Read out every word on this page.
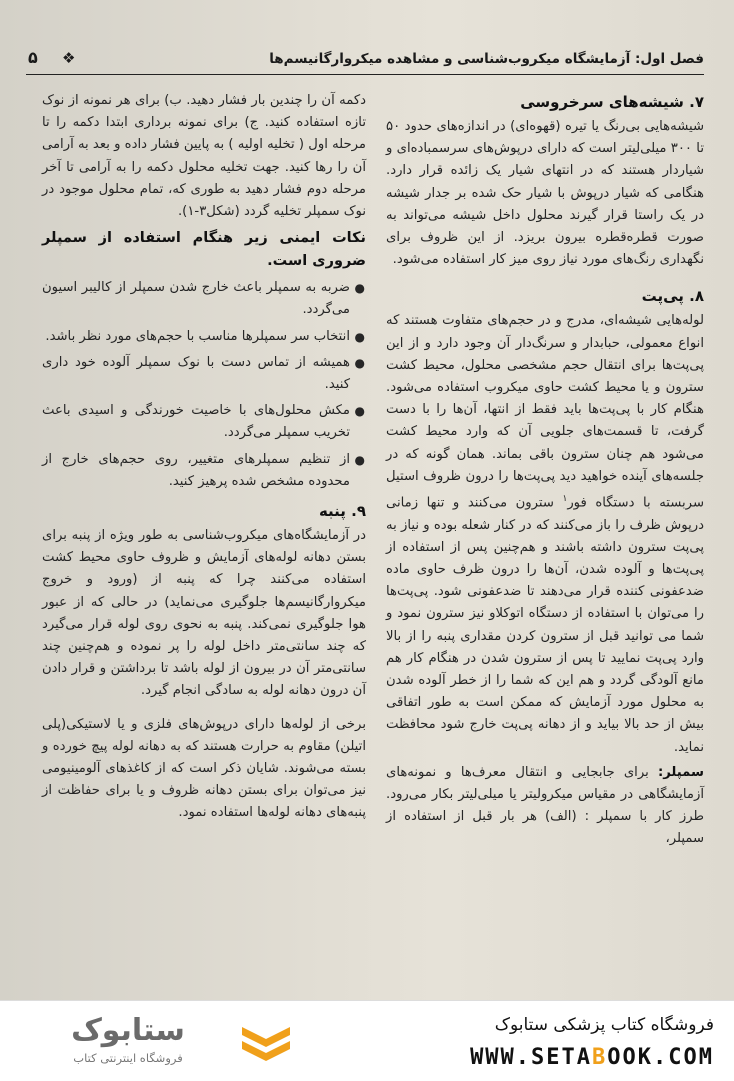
فصل اول: آزمایشگاه میکروب‌شناسی و مشاهده میکروارگانیسم‌ها
❖
۵
۷. شیشه‌های سرخروسی

شیشه‌هایی بی‌رنگ یا تیره (قهوه‌ای) در اندازه‌های حدود ۵۰ تا ۳۰۰ میلی‌لیتر است که دارای درپوش‌های سرسمباده‌ای و شیاردار هستند که در انتهای شیار یک زائده قرار دارد. هنگامی که شیار درپوش با شیار حک شده بر جدار شیشه در یک راستا قرار گیرند محلول داخل شیشه می‌تواند به صورت قطره‌قطره بیرون بریزد. از این ظروف برای نگهداری رنگ‌های مورد نیاز روی میز کار استفاده می‌شود.

۸. پی‌پت

لوله‌هایی شیشه‌ای، مدرج و در حجم‌های متفاوت هستند که انواع معمولی، حبابدار و سرنگ‌دار آن وجود دارد و از این پی‌پت‌ها برای انتقال حجم مشخصی محلول، محیط کشت سترون و یا محیط کشت حاوی میکروب استفاده می‌شود. هنگام کار با پی‌پت‌ها باید فقط از انتها، آن‌ها را با دست گرفت، تا قسمت‌های جلویی آن که وارد محیط کشت می‌شود هم چنان سترون باقی بماند. همان گونه که در جلسه‌های آینده خواهید دید پی‌پت‌ها را درون ظروف استیل سربسته با دستگاه فور$^۱$ سترون می‌کنند و تنها زمانی درپوش ظرف را باز می‌کنند که در کنار شعله بوده و نیاز به پی‌پت سترون داشته باشند و هم‌چنین پس از استفاده از پی‌پت‌ها و آلوده شدن، آن‌ها را درون ظرف حاوی ماده ضدعفونی کننده قرار می‌دهند تا ضدعفونی شود. پی‌پت‌ها را می‌توان با استفاده از دستگاه اتوکلاو نیز سترون نمود و شما می توانید قبل از سترون کردن مقداری پنبه را از بالا وارد پی‌پت نمایید تا پس از سترون شدن در هنگام کار هم مانع آلودگی گردد و هم این که شما را از خطر آلوده شدن به محلول مورد آزمایش که ممکن است به طور اتفاقی بیش از حد بالا بیاید و از دهانه پی‌پت خارج شود محافظت نماید.

سمپلر: برای جابجایی و انتقال معرف‌ها و نمونه‌های آزمایشگاهی در مقیاس میکرولیتر یا میلی‌لیتر بکار می‌رود. طرز کار با سمپلر : (الف) هر بار قبل از استفاده از سمپلر،

دکمه آن را چندین بار فشار دهید. ب) برای هر نمونه از نوک تازه استفاده کنید. ج) برای نمونه برداری ابتدا دکمه را تا مرحله اول ( تخلیه اولیه ) به پایین فشار داده و بعد به آرامی آن را رها کنید. جهت تخلیه محلول دکمه را به آرامی تا آخر مرحله دوم فشار دهید به طوری که، تمام محلول موجود در نوک سمپلر تخلیه گردد (شکل۳-۱).

نکات ایمنی زیر هنگام استفاده از سمپلر ضروری است.
●
ضربه به سمپلر باعث خارج شدن سمپلر از کالیبر اسیون می‌گردد.
●
انتخاب سر سمپلرها مناسب با حجم‌های مورد نظر باشد.
●
همیشه از تماس دست با نوک سمپلر آلوده خود داری کنید.
●
مکش محلول‌های با خاصیت خورندگی و اسیدی باعث تخریب سمپلر می‌گردد.
●
از تنظیم سمپلرهای متغییر، روی حجم‌های خارج از محدوده مشخص شده پرهیز کنید.
۹. پنبه

در آزمایشگاه‌های میکروب‌شناسی به طور ویژه از پنبه برای بستن دهانه لوله‌های آزمایش و ظروف حاوی محیط کشت استفاده می‌کنند چرا که پنبه از (ورود و خروج میکروارگانیسم‌ها جلوگیری می‌نماید) در حالی که از عبور هوا جلوگیری نمی‌کند. پنبه به نحوی روی لوله قرار می‌گیرد که چند سانتی‌متر داخل لوله را پر نموده و هم‌چنین چند سانتی‌متر آن در بیرون از لوله باشد تا برداشتن و قرار دادن آن درون دهانه لوله به سادگی انجام گیرد.

برخی از لوله‌ها دارای درپوش‌های فلزی و یا لاستیکی(پلی اتیلن) مقاوم به حرارت هستند که به دهانه لوله پیچ خورده و بسته می‌شوند. شایان ذکر است که از کاغذهای آلومینیومی نیز می‌توان برای بستن دهانه ظروف و یا برای حفاظت از پنبه‌های دهانه لوله‌ها استفاده نمود.

ستابوک
فروشگاه اینترنتی کتاب
فروشگاه کتاب پزشکی ستابوک
WWW.SETABOOK.COM
